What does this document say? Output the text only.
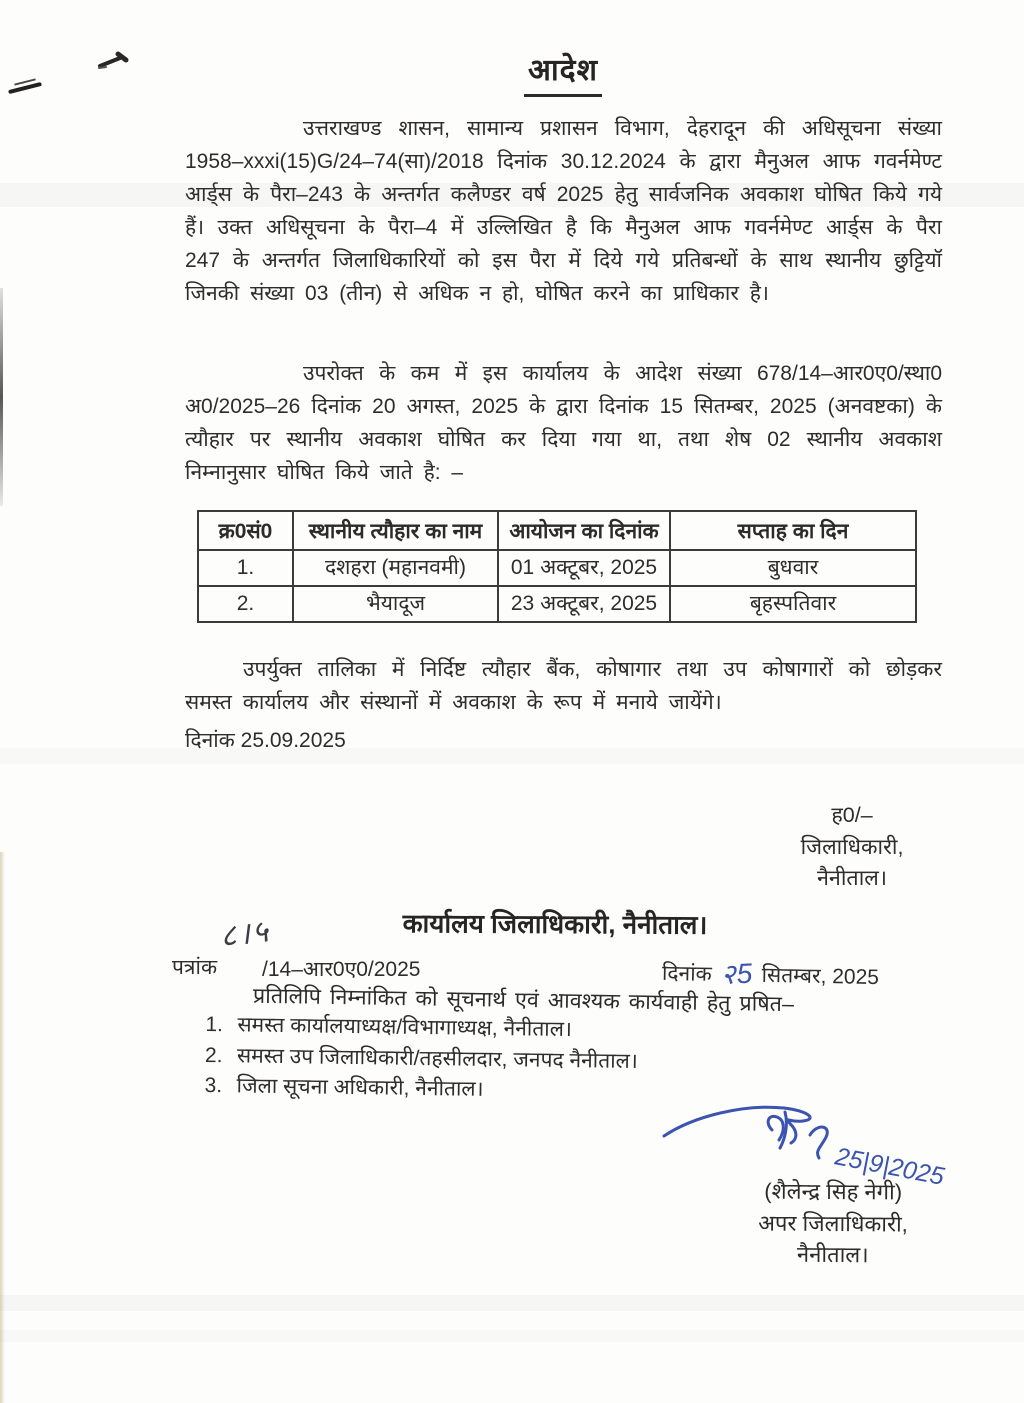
आदेश
उत्तराखण्ड शासन, सामान्य प्रशासन विभाग, देहरादून की अधिसूचना संख्या 1958–xxxi(15)G/24–74(सा)/2018 दिनांक 30.12.2024 के द्वारा मैनुअल आफ गवर्नमेण्ट आर्ड्स के पैरा–243 के अन्तर्गत कलैण्डर वर्ष 2025 हेतु सार्वजनिक अवकाश घोषित किये गये हैं। उक्त अधिसूचना के पैरा–4 में उल्लिखित है कि मैनुअल आफ गवर्नमेण्ट आर्ड्स के पैरा 247 के अन्तर्गत जिलाधिकारियों को इस पैरा में दिये गये प्रतिबन्धों के साथ स्थानीय छुट्टियॉ जिनकी संख्या 03 (तीन) से अधिक न हो, घोषित करने का प्राधिकार है।
उपरोक्त के कम में इस कार्यालय के आदेश संख्या 678/14–आर0ए0/स्था0 अ0/2025–26 दिनांक 20 अगस्त, 2025 के द्वारा दिनांक 15 सितम्बर, 2025 (अनवष्टका) के त्यौहार पर स्थानीय अवकाश घोषित कर दिया गया था, तथा शेष 02 स्थानीय अवकाश निम्नानुसार घोषित किये जाते है: –
क्र0सं0	स्थानीय त्यौहार का नाम	आयोजन का दिनांक	सप्ताह का दिन
1.	दशहरा (महानवमी)	01 अक्टूबर, 2025	बुधवार
2.	भैयादूज	23 अक्टूबर, 2025	बृहस्पतिवार
उपर्युक्त तालिका में निर्दिष्ट त्यौहार बैंक, कोषागार तथा उप कोषागारों को छोड़कर समस्त कार्यालय और संस्थानों में अवकाश के रूप में मनाये जायेंगे।
दिनांक 25.09.2025
ह0/–
जिलाधिकारी,
नैनीताल।
कार्यालय जिलाधिकारी, नैनीताल।
पत्रांक
८।५
/14–आर0ए0/2025	दिनांक २5 सितम्बर, 2025
प्रतिलिपि निम्नांकित को सूचनार्थ एवं आवश्यक कार्यवाही हेतु प्रषित–
1. समस्त कार्यालयाध्यक्ष/विभागाध्यक्ष, नैनीताल।
2. समस्त उप जिलाधिकारी/तहसीलदार, जनपद नैनीताल।
3. जिला सूचना अधिकारी, नैनीताल।
25|9|2025
(शैलेन्द्र सिह नेगी)
अपर जिलाधिकारी,
नैनीताल।
